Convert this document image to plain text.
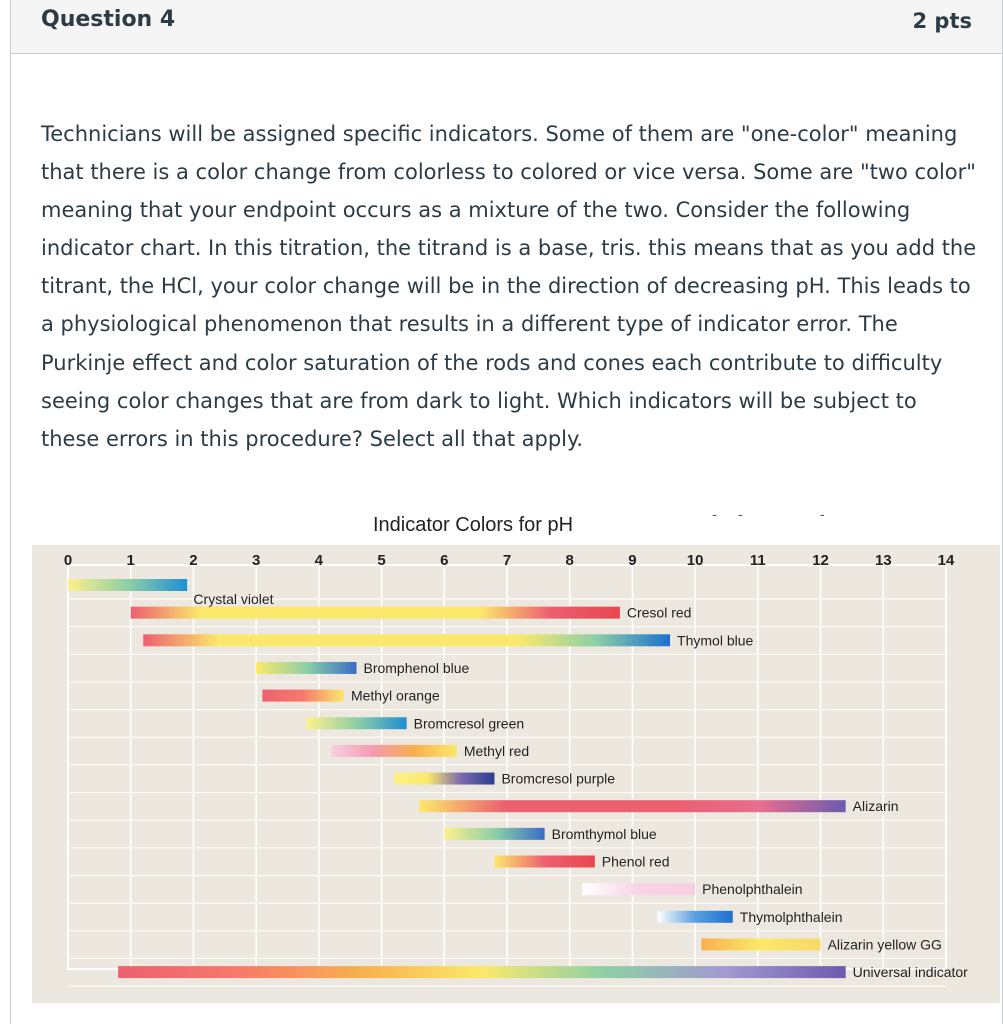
Question 4	2 pts
Technicians will be assigned specific indicators. Some of them are "one-color" meaning that there is a color change from colorless to colored or vice versa. Some are "two color" meaning that your endpoint occurs as a mixture of the two. Consider the following indicator chart. In this titration, the titrand is a base, tris. this means that as you add the titrant, the HCl, your color change will be in the direction of decreasing pH. This leads to a physiological phenomenon that results in a different type of indicator error. The Purkinje effect and color saturation of the rods and cones each contribute to difficulty seeing color changes that are from dark to light. Which indicators will be subject to these errors in this procedure? Select all that apply.
Indicator Colors for pH	- -	-
0	1	2	3	4	5	6	7	8	9	10	11	12	13	14
Crystal violet
Cresol red
Thymol blue
Bromphenol blue
Methyl orange
Bromcresol green
Methyl red
Bromcresol purple
Alizarin
Bromthymol blue
Phenol red
Phenolphthalein
Thymolphthalein
Alizarin yellow GG
Universal indicator
